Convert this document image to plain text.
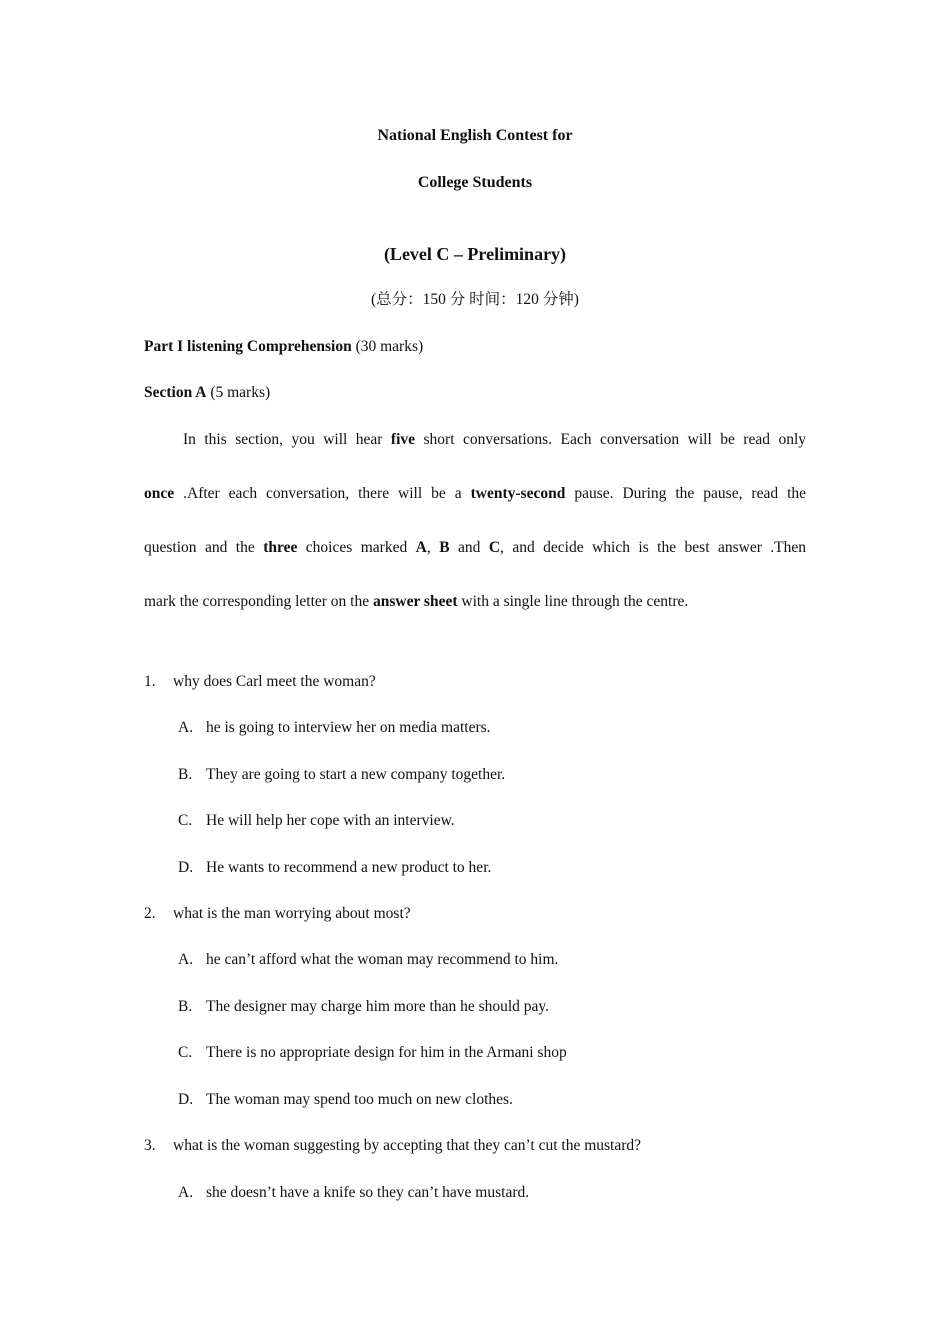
National English Contest for
College Students
(Level C – Preliminary)
(总分：150 分 时间：120 分钟)
Part I listening Comprehension (30 marks)
Section A (5 marks)
In this section, you will hear five short conversations. Each conversation will be read only
once .After each conversation, there will be a twenty-second pause. During the pause, read the
question and the three choices marked A, B and C, and decide which is the best answer .Then
mark the corresponding letter on the answer sheet with a single line through the centre.
1. why does Carl meet the woman?
A. he is going to interview her on media matters.
B. They are going to start a new company together.
C. He will help her cope with an interview.
D. He wants to recommend a new product to her.
2. what is the man worrying about most?
A. he can’t afford what the woman may recommend to him.
B. The designer may charge him more than he should pay.
C. There is no appropriate design for him in the Armani shop
D. The woman may spend too much on new clothes.
3. what is the woman suggesting by accepting that they can’t cut the mustard?
A. she doesn’t have a knife so they can’t have mustard.
